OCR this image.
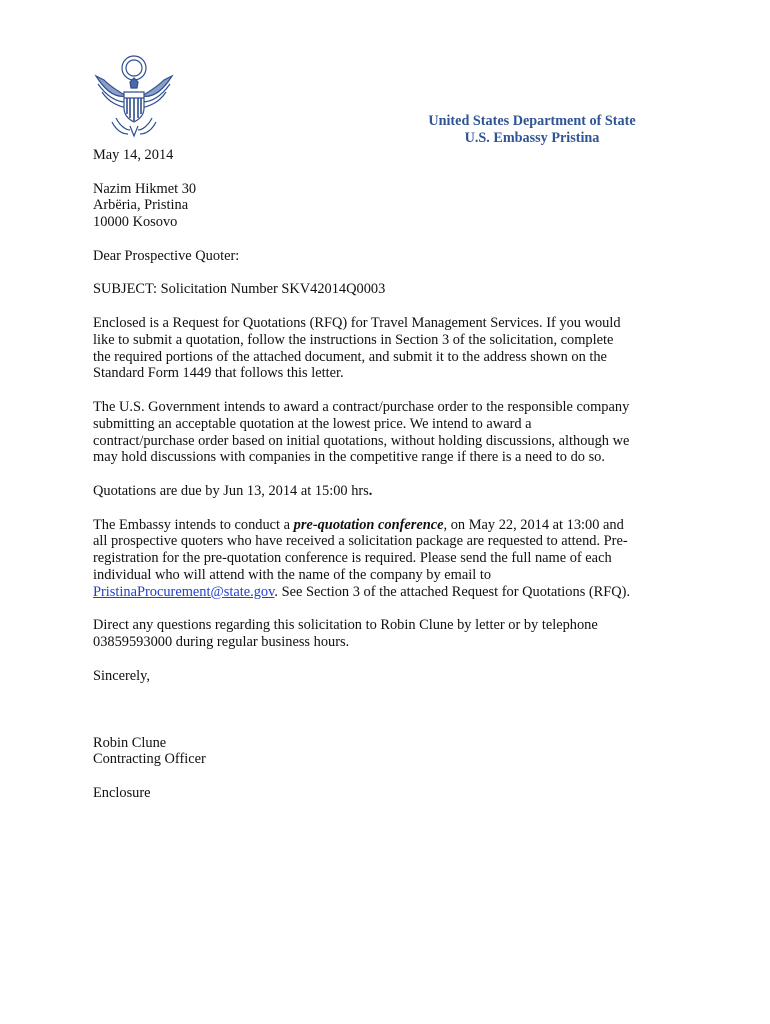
United States Department of State
U.S. Embassy Pristina

May 14, 2014

Nazim Hikmet 30

Arbëria, Pristina

10000 Kosovo

Dear Prospective Quoter:

SUBJECT: Solicitation Number SKV42014Q0003

Enclosed is a Request for Quotations (RFQ) for Travel Management Services. If you would

like to submit a quotation, follow the instructions in Section 3 of the solicitation, complete

the required portions of the attached document, and submit it to the address shown on the

Standard Form 1449 that follows this letter.

The U.S. Government intends to award a contract/purchase order to the responsible company

submitting an acceptable quotation at the lowest price. We intend to award a

contract/purchase order based on initial quotations, without holding discussions, although we

may hold discussions with companies in the competitive range if there is a need to do so.

Quotations are due by Jun 13, 2014 at 15:00 hrs.

The Embassy intends to conduct a pre-quotation conference, on May 22, 2014 at 13:00 and

all prospective quoters who have received a solicitation package are requested to attend. Pre-

registration for the pre-quotation conference is required. Please send the full name of each

individual who will attend with the name of the company by email to

PristinaProcurement@state.gov. See Section 3 of the attached Request for Quotations (RFQ).

Direct any questions regarding this solicitation to Robin Clune by letter or by telephone

03859593000 during regular business hours.

Sincerely,

Robin Clune

Contracting Officer

Enclosure
